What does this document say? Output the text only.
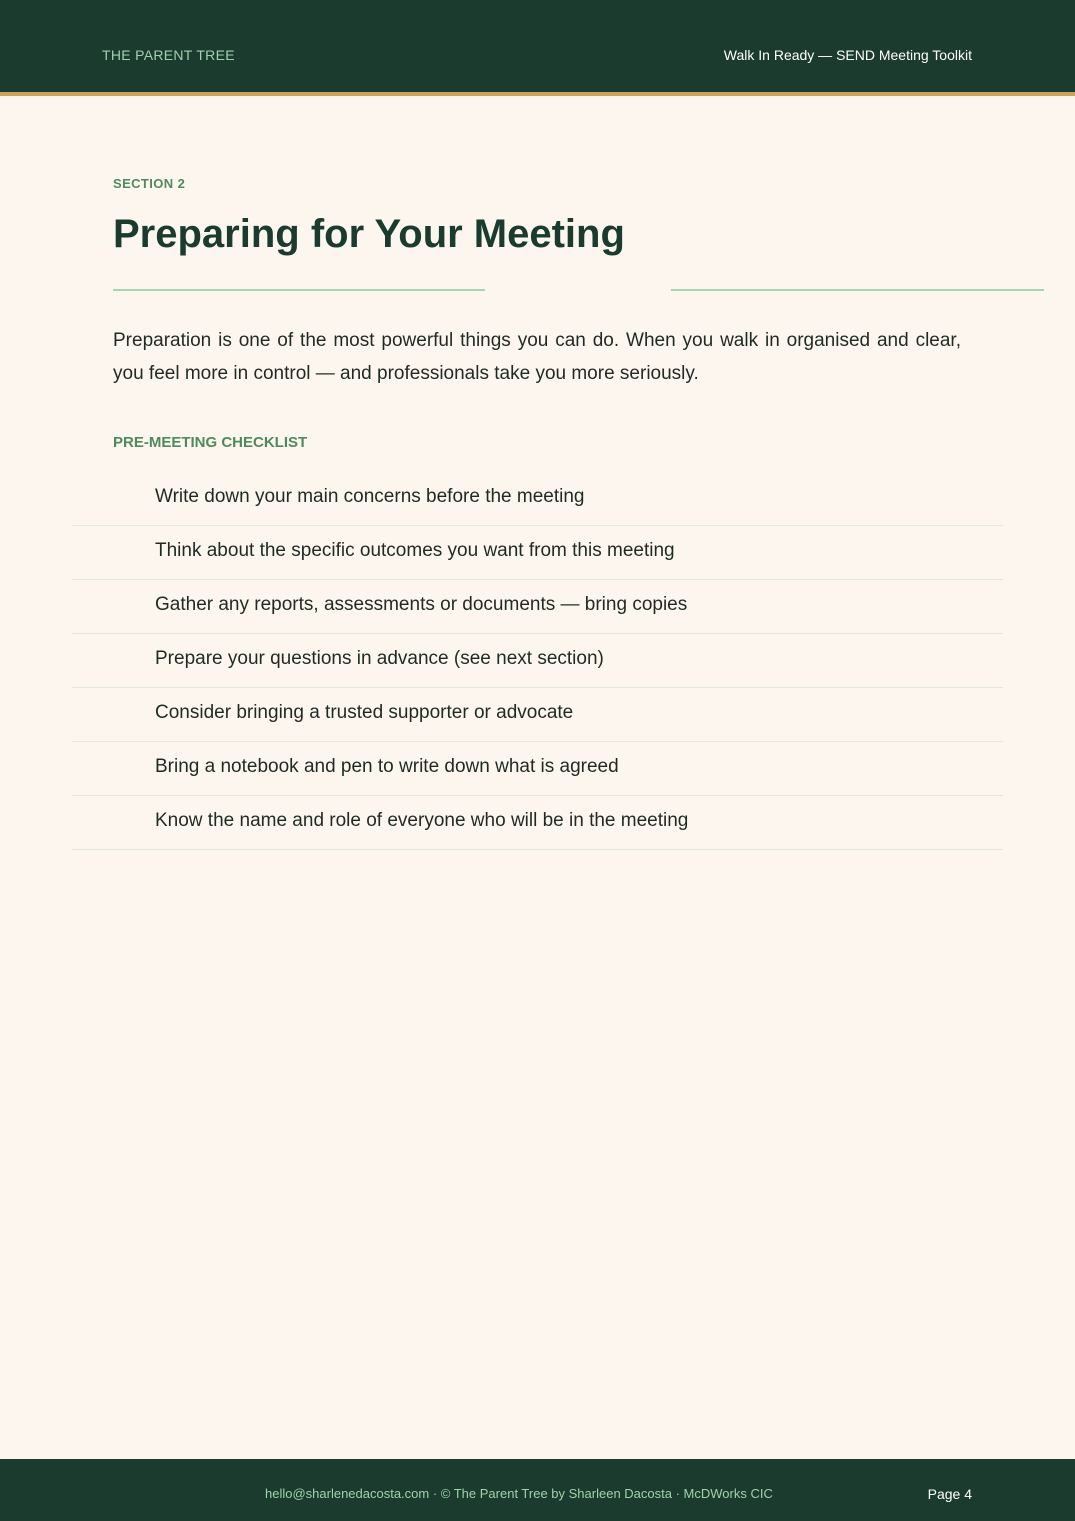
THE PARENT TREE	Walk In Ready — SEND Meeting Toolkit
SECTION 2
Preparing for Your Meeting

Preparation is one of the most powerful things you can do. When you walk in organised and clear, you feel more in control — and professionals take you more seriously.

PRE-MEETING CHECKLIST
Write down your main concerns before the meeting
Think about the specific outcomes you want from this meeting
Gather any reports, assessments or documents — bring copies
Prepare your questions in advance (see next section)
Consider bringing a trusted supporter or advocate
Bring a notebook and pen to write down what is agreed
Know the name and role of everyone who will be in the meeting
hello@sharlenedacosta.com · © The Parent Tree by Sharleen Dacosta · McDWorks CIC	Page 4
